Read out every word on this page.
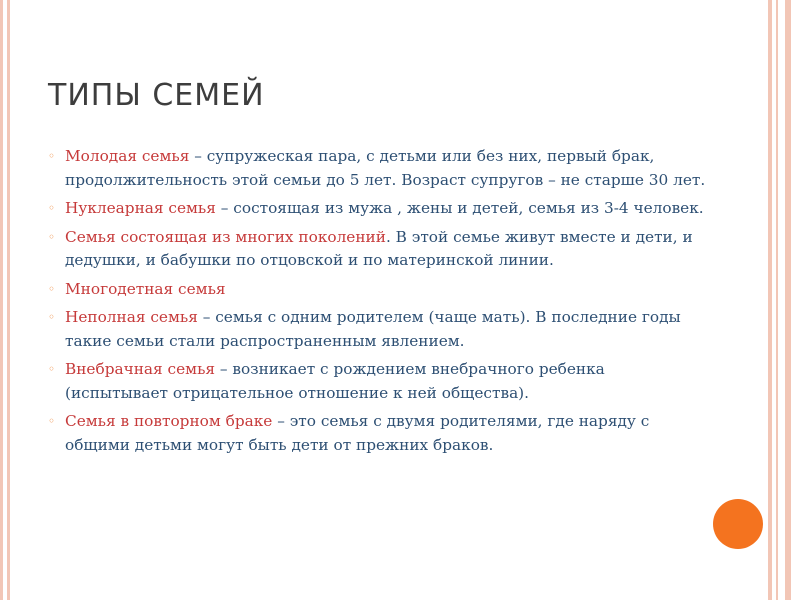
ТИПЫ СЕМЕЙ
◦ Молодая семья – супружеская пара, с детьми или без них, первый брак, продолжительность этой семьи до 5 лет. Возраст супругов – не старше 30 лет.
◦ Нуклеарная семья – состоящая из мужа , жены и детей, семья из 3-4 человек.
◦ Семья состоящая из многих поколений. В этой семье живут вместе и дети, и дедушки, и бабушки по отцовской и по материнской линии.
◦ Многодетная семья
◦ Неполная семья – семья с одним родителем (чаще мать). В последние годы такие семьи стали распространенным явлением.
◦ Внебрачная семья – возникает с рождением внебрачного ребенка (испытывает отрицательное отношение к ней общества).
◦ Семья в повторном браке – это семья с двумя родителями, где наряду с общими детьми могут быть дети от прежних браков.
